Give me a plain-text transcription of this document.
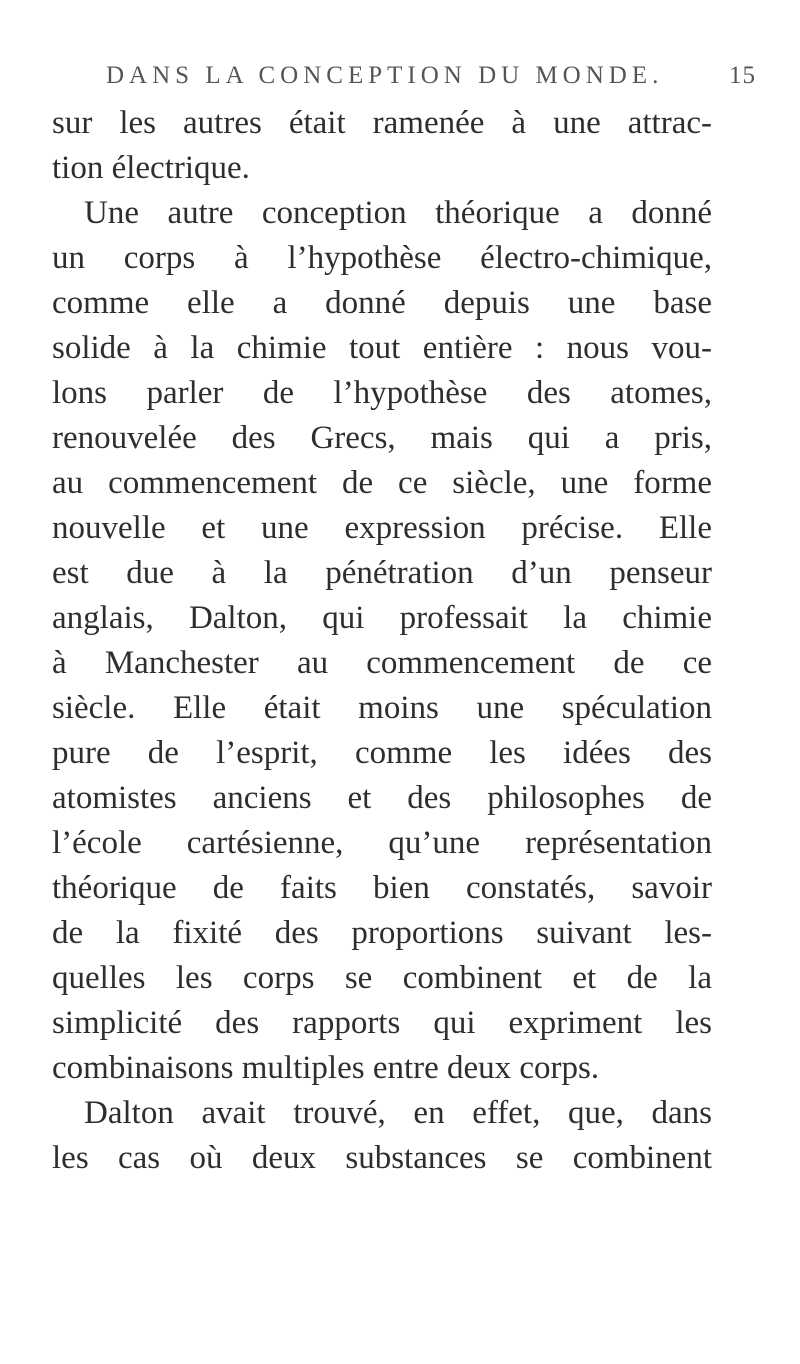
DANS LA CONCEPTION DU MONDE.	15
sur les autres était ramenée à une attrac-
tion électrique.
Une autre conception théorique a donné
un corps à l’hypothèse électro-chimique,
comme elle a donné depuis une base
solide à la chimie tout entière : nous vou-
lons parler de l’hypothèse des atomes,
renouvelée des Grecs, mais qui a pris,
au commencement de ce siècle, une forme
nouvelle et une expression précise. Elle
est due à la pénétration d’un penseur
anglais, Dalton, qui professait la chimie
à Manchester au commencement de ce
siècle. Elle était moins une spéculation
pure de l’esprit, comme les idées des
atomistes anciens et des philosophes de
l’école cartésienne, qu’une représentation
théorique de faits bien constatés, savoir
de la fixité des proportions suivant les-
quelles les corps se combinent et de la
simplicité des rapports qui expriment les
combinaisons multiples entre deux corps.
Dalton avait trouvé, en effet, que, dans
les cas où deux substances se combinent
